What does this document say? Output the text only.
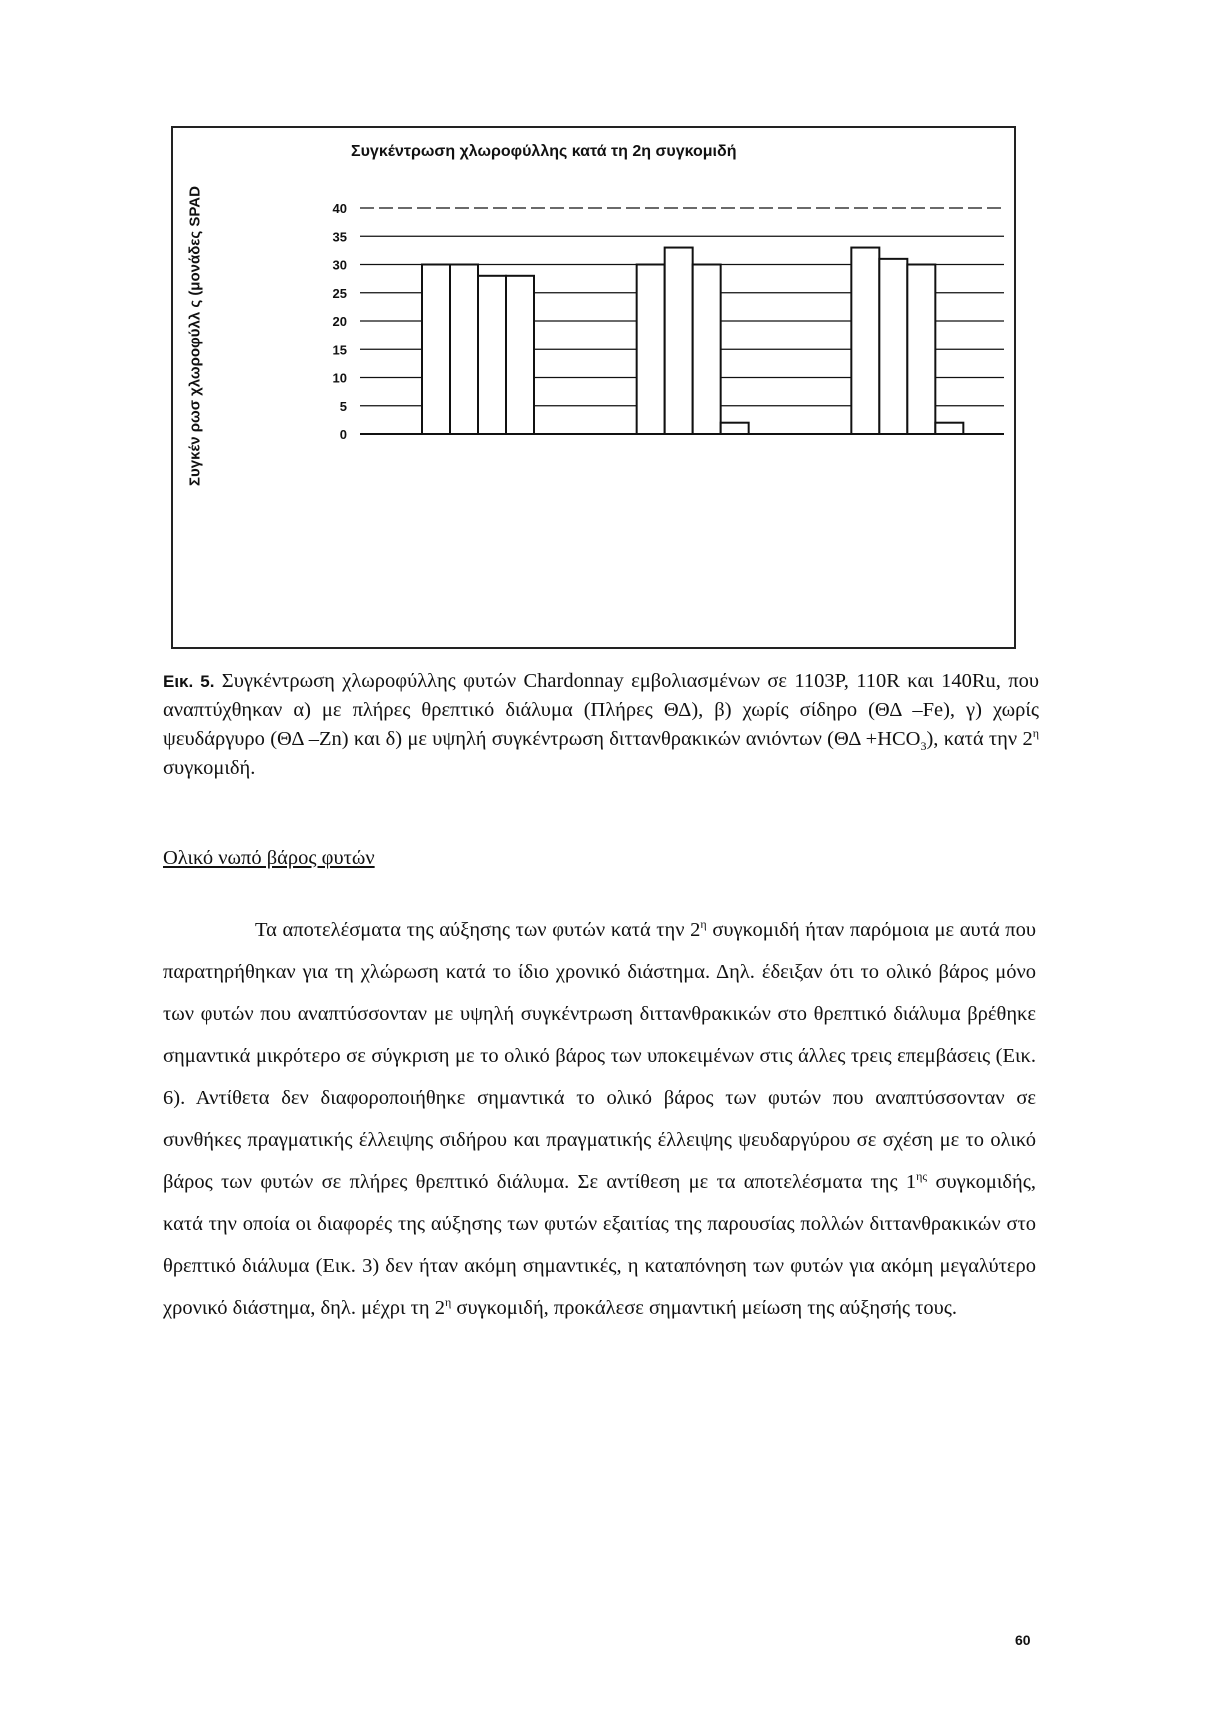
Συγκέν ρωσ χλωροφύλλ ς (μονάδες SPAD
Συγκέντρωση χλωροφύλλης κατά τη 2η συγκομιδή
0
5
10
15
20
25
30
35
40
Εικ. 5. Συγκέντρωση χλωροφύλλης φυτών Chardonnay εμβολιασμένων σε 1103P, 110R και 140Ru, που αναπτύχθηκαν α) με πλήρες θρεπτικό διάλυμα (Πλήρες ΘΔ), β) χωρίς σίδηρο (ΘΔ –Fe), γ) χωρίς ψευδάργυρο (ΘΔ –Zn) και δ) με υψηλή συγκέντρωση διττανθρακικών ανιόντων $(\Theta\Delta +HCO_3)$, κατά την $2^\eta$ συγκομιδή.
Ολικό νωπό βάρος φυτών

Τα αποτελέσματα της αύξησης των φυτών κατά την $2^\eta$ συγκομιδή ήταν παρόμοια με αυτά που παρατηρήθηκαν για τη χλώρωση κατά το ίδιο χρονικό διάστημα. Δηλ. έδειξαν ότι το ολικό βάρος μόνο των φυτών που αναπτύσσονταν με υψηλή συγκέντρωση διττανθρακικών στο θρεπτικό διάλυμα βρέθηκε σημαντικά μικρότερο σε σύγκριση με το ολικό βάρος των υποκειμένων στις άλλες τρεις επεμβάσεις (Εικ. 6). Αντίθετα δεν διαφοροποιήθηκε σημαντικά το ολικό βάρος των φυτών που αναπτύσσονταν σε συνθήκες πραγματικής έλλειψης σιδήρου και πραγματικής έλλειψης ψευδαργύρου σε σχέση με το ολικό βάρος των φυτών σε πλήρες θρεπτικό διάλυμα. Σε αντίθεση με τα αποτελέσματα της $1^{\eta\varsigma}$ συγκομιδής, κατά την οποία οι διαφορές της αύξησης των φυτών εξαιτίας της παρουσίας πολλών διττανθρακικών στο θρεπτικό διάλυμα (Εικ. 3) δεν ήταν ακόμη σημαντικές, η καταπόνηση των φυτών για ακόμη μεγαλύτερο χρονικό διάστημα, δηλ. μέχρι τη $2^\eta$ συγκομιδή, προκάλεσε σημαντική μείωση της αύξησής τους.

60
